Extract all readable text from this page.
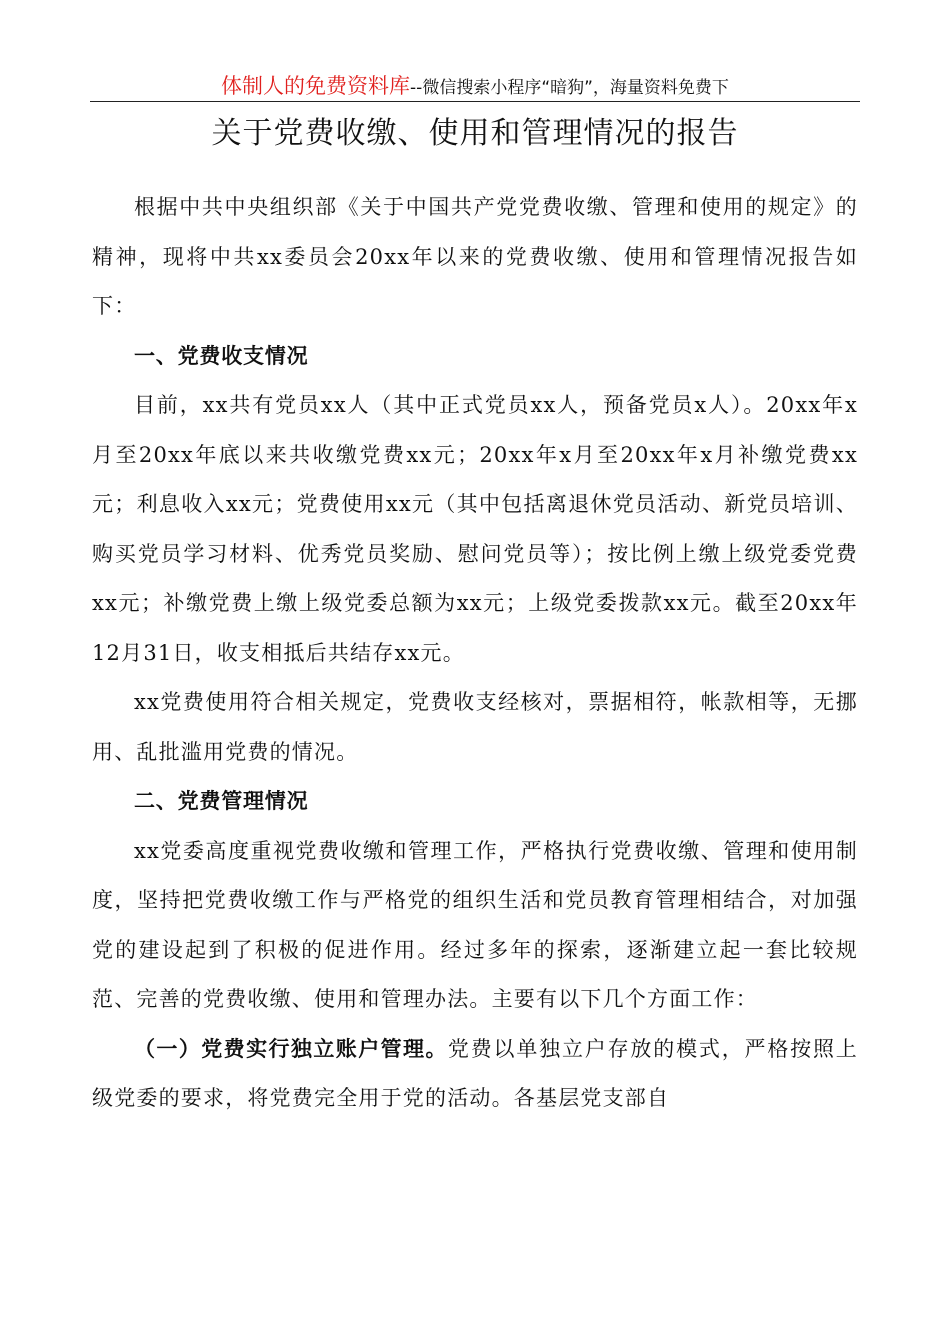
体制人的免费资料库--微信搜索小程序“暗狗”，海量资料免费下
关于党费收缴、使用和管理情况的报告

根据中共中央组织部《关于中国共产党党费收缴、管理和使用的规定》的精神，现将中共xx委员会20xx年以来的党费收缴、使用和管理情况报告如下：

一、党费收支情况

目前，xx共有党员xx人（其中正式党员xx人，预备党员x人）。20xx年x月至20xx年底以来共收缴党费xx元；20xx年x月至20xx年x月补缴党费xx元；利息收入xx元；党费使用xx元（其中包括离退休党员活动、新党员培训、购买党员学习材料、优秀党员奖励、慰问党员等）；按比例上缴上级党委党费xx元；补缴党费上缴上级党委总额为xx元；上级党委拨款xx元。截至20xx年12月31日，收支相抵后共结存xx元。

xx党费使用符合相关规定，党费收支经核对，票据相符，帐款相等，无挪用、乱批滥用党费的情况。

二、党费管理情况

xx党委高度重视党费收缴和管理工作，严格执行党费收缴、管理和使用制度，坚持把党费收缴工作与严格党的组织生活和党员教育管理相结合，对加强党的建设起到了积极的促进作用。经过多年的探索，逐渐建立起一套比较规范、完善的党费收缴、使用和管理办法。主要有以下几个方面工作：

（一）党费实行独立账户管理。党费以单独立户存放的模式，严格按照上级党委的要求，将党费完全用于党的活动。各基层党支部自
